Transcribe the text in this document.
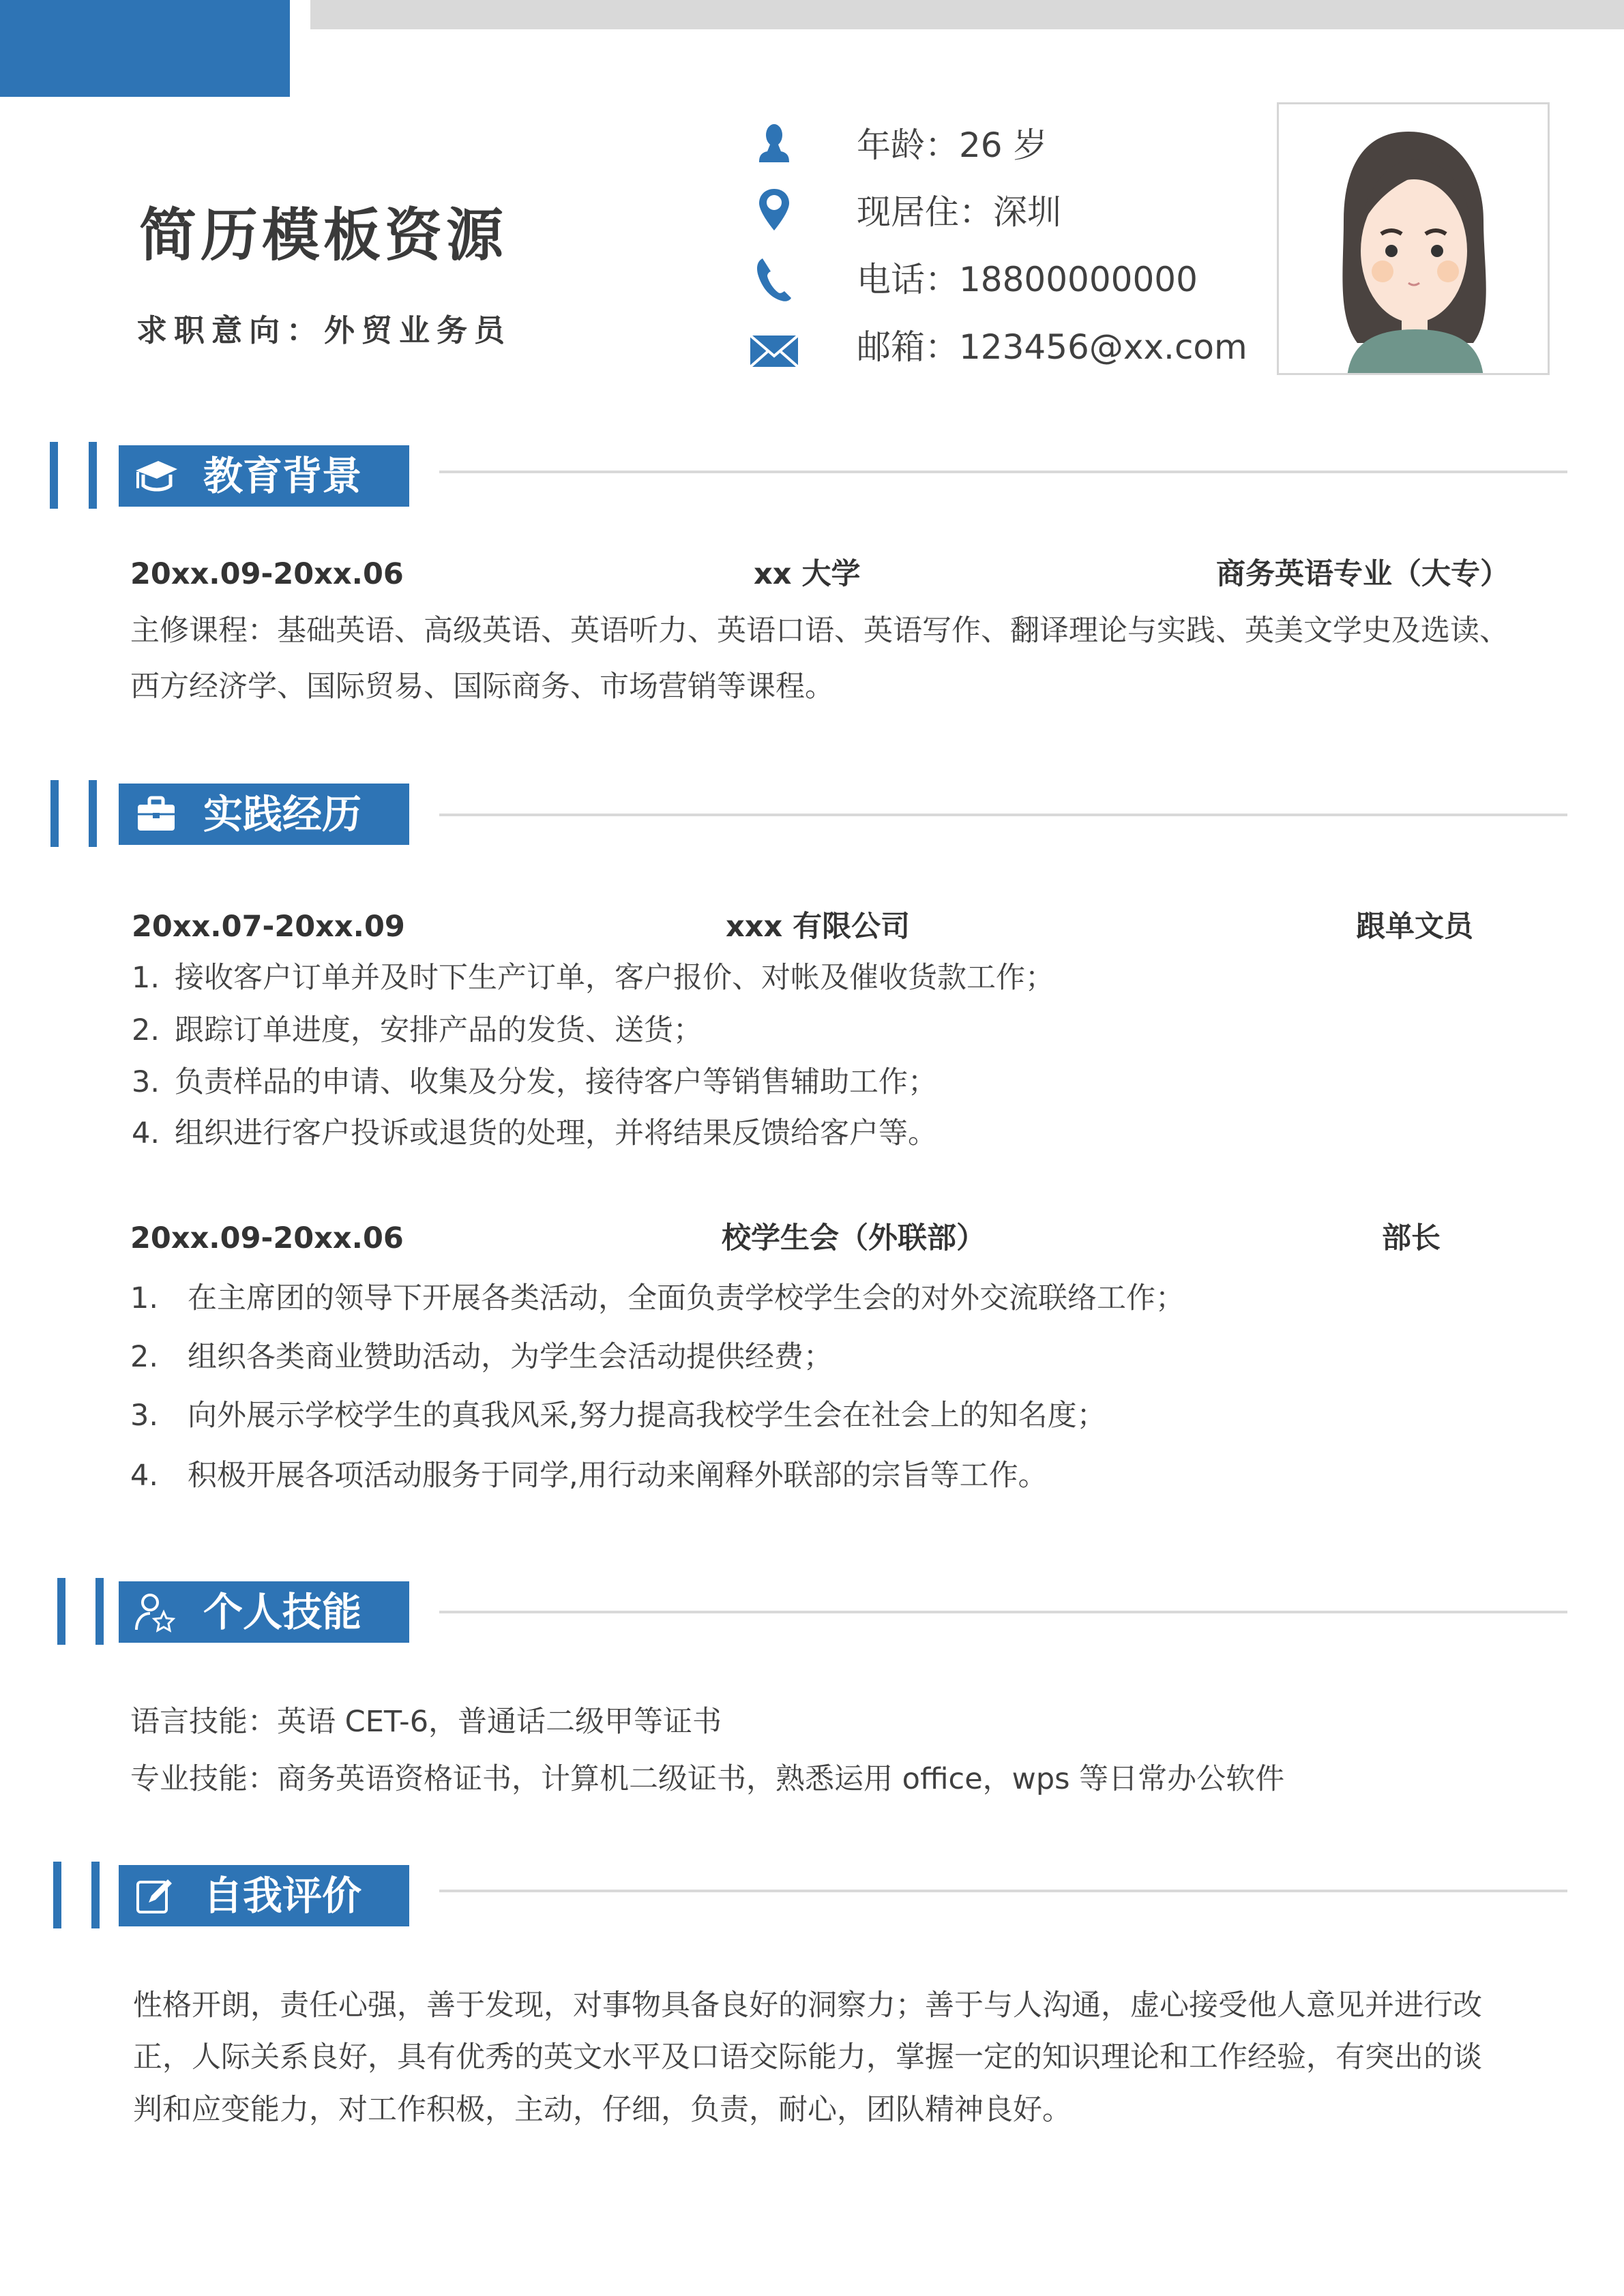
简历模板资源
求职意向：外贸业务员
年龄：26 岁
现居住：深圳
电话：18800000000
邮箱：123456@xx.com
教育背景
20xx.09-20xx.06	xx 大学	商务英语专业（大专）
主修课程：基础英语、高级英语、英语听力、英语口语、英语写作、翻译理论与实践、英美文学史及选读、
西方经济学、国际贸易、国际商务、市场营销等课程。
实践经历
20xx.07-20xx.09	xxx 有限公司	跟单文员
1. 接收客户订单并及时下生产订单，客户报价、对帐及催收货款工作；
2. 跟踪订单进度，安排产品的发货、送货；
3. 负责样品的申请、收集及分发，接待客户等销售辅助工作；
4. 组织进行客户投诉或退货的处理，并将结果反馈给客户等。
20xx.09-20xx.06	校学生会（外联部）	部长
1. 在主席团的领导下开展各类活动，全面负责学校学生会的对外交流联络工作；
2. 组织各类商业赞助活动，为学生会活动提供经费；
3. 向外展示学校学生的真我风采,努力提高我校学生会在社会上的知名度；
4. 积极开展各项活动服务于同学,用行动来阐释外联部的宗旨等工作。
个人技能
语言技能：英语 CET-6，普通话二级甲等证书
专业技能：商务英语资格证书，计算机二级证书，熟悉运用 office，wps 等日常办公软件
自我评价
性格开朗，责任心强，善于发现，对事物具备良好的洞察力；善于与人沟通，虚心接受他人意见并进行改
正，人际关系良好，具有优秀的英文水平及口语交际能力，掌握一定的知识理论和工作经验，有突出的谈
判和应变能力，对工作积极，主动，仔细，负责，耐心，团队精神良好。
